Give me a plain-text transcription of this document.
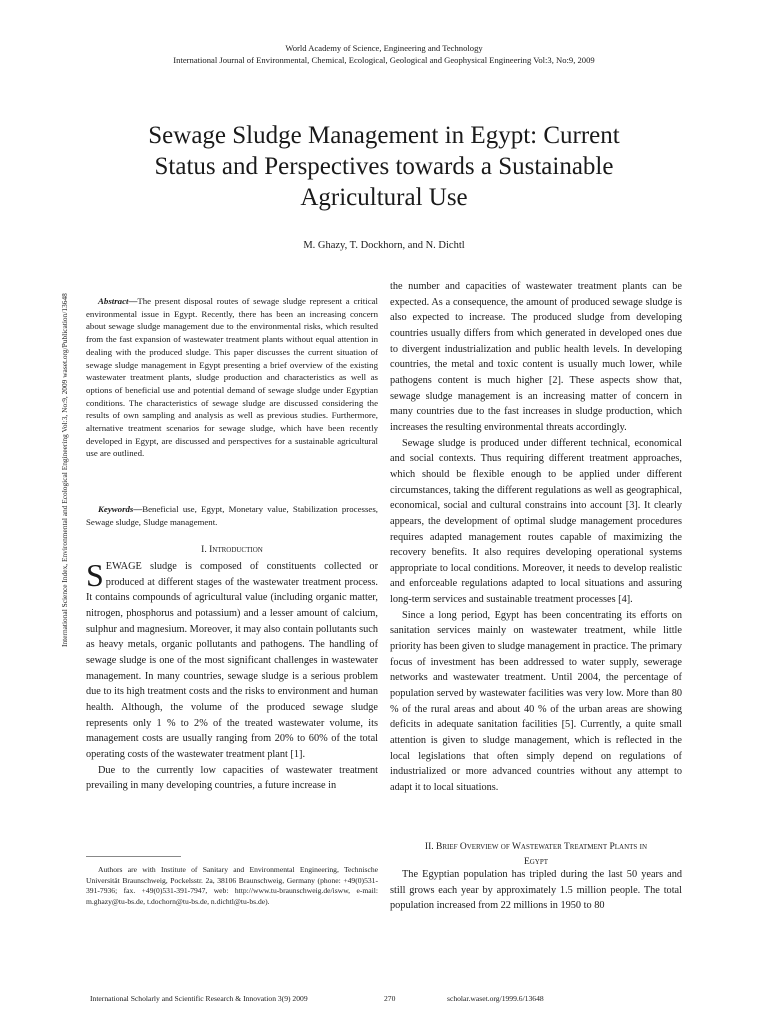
World Academy of Science, Engineering and Technology
International Journal of Environmental, Chemical, Ecological, Geological and Geophysical Engineering Vol:3, No:9, 2009
Sewage Sludge Management in Egypt: Current
Status and Perspectives towards a Sustainable
Agricultural Use
M. Ghazy, T. Dockhorn, and N. Dichtl
International Science Index, Environmental and Ecological Engineering Vol:3, No:9, 2009 waset.org/Publication/13648	Abstract—The present disposal routes of sewage sludge represent a critical environmental issue in Egypt. Recently, there has been an increasing concern about sewage sludge management due to the environmental risks, which resulted from the fast expansion of wastewater treatment plants without equal attention in dealing with the produced sludge. This paper discusses the current situation of sewage sludge management in Egypt presenting a brief overview of the existing wastewater treatment plants, sludge production and characteristics as well as options of beneficial use and potential demand of sewage sludge under Egyptian conditions. The characteristics of sewage sludge are discussed considering the results of own sampling and analysis as well as previous studies. Furthermore, alternative treatment scenarios for sewage sludge, which have been recently developed in Egypt, are discussed and perspectives for a sustainable agricultural use are outlined.

Keywords—Beneficial use, Egypt, Monetary value, Stabilization processes, Sewage sludge, Sludge management.

I. Introduction

SEWAGE sludge is composed of constituents collected or produced at different stages of the wastewater treatment process. It contains compounds of agricultural value (including organic matter, nitrogen, phosphorus and potassium) and a lesser amount of calcium, sulphur and magnesium. Moreover, it may also contain pollutants such as heavy metals, organic pollutants and pathogens. The handling of sewage sludge is one of the most significant challenges in wastewater management. In many countries, sewage sludge is a serious problem due to its high treatment costs and the risks to environment and human health. Although, the volume of the produced sewage sludge represents only 1 % to 2% of the treated wastewater volume, its management costs are usually ranging from 20% to 60% of the total operating costs of the wastewater treatment plant [1].

Due to the currently low capacities of wastewater treatment prevailing in many developing countries, a future increase in

Authors are with Institute of Sanitary and Environmental Engineering, Technische Universität Braunschweig, Pockelsstr. 2a, 38106 Braunschweig, Germany (phone: +49(0)531-391-7936; fax. +49(0)531-391-7947, web: http://www.tu-braunschweig.de/isww, e-mail: m.ghazy@tu-bs.de, t.dochorn@tu-bs.de, n.dichtl@tu-bs.de).

the number and capacities of wastewater treatment plants can be expected. As a consequence, the amount of produced sewage sludge is also expected to increase. The produced sludge from developing countries usually differs from which generated in developed ones due to divergent industrialization and public health levels. In developing countries, the metal and toxic content is usually much lower, while pathogens content is much higher [2]. These aspects show that, sewage sludge management is an increasing matter of concern in many countries due to the fast increases in sludge production, which increases the resulting environmental threats accordingly.

Sewage sludge is produced under different technical, economical and social contexts. Thus requiring different treatment approaches, which should be flexible enough to be applied under different circumstances, taking the different regulations as well as geographical, economical, social and cultural constrains into account [3]. It clearly appears, the development of optimal sludge management procedures requires adapted management routes capable of maximizing the recovery benefits. It also requires developing operational systems appropriate to local conditions. Moreover, it needs to develop realistic and enforceable regulations adapted to local situations and assuring long-term services and sustainable treatment processes [4].

Since a long period, Egypt has been concentrating its efforts on sanitation services mainly on wastewater treatment, while little priority has been given to sludge management in practice. The primary focus of investment has been addressed to water supply, sewerage networks and wastewater treatment. Until 2004, the percentage of population served by wastewater facilities was very low. More than 80 % of the rural areas and about 40 % of the urban areas are showing deficits in adequate sanitation facilities [5]. Currently, a quite small attention is given to sludge management, which is reflected in the local legislations that often simply depend on regulations of industrialized or more advanced countries without any attempt to adapt it to local situations.

II. Brief Overview of Wastewater Treatment Plants in
Egypt

The Egyptian population has tripled during the last 50 years and still grows each year by approximately 1.5 million people. The total population increased from 22 millions in 1950 to 80

International Scholarly and Scientific Research & Innovation 3(9) 2009	270	scholar.waset.org/1999.6/13648
